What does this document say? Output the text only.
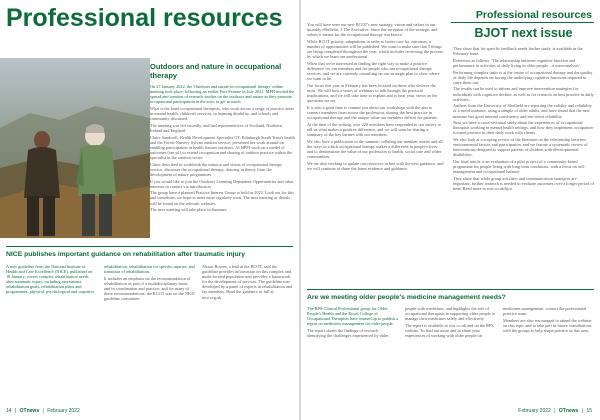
Professional resources
Outdoors and nature in occupational therapy

On 27 January 2022, the 'Outdoors and nature in occupational therapy' online meeting took place, following an earlier Fact Feature in July 2021. MPH invited the spread and creation of research studies on the outdoors and nature as they promote occupational participation in the area, to get in touch.

What is the bond occupational therapists, who work across a range of practice areas in mental health, children's services, in learning disability, and schools and community discussed.

The meeting was led virtually, and had representatives of Scotland, Northern Ireland and England.

Claire Sandwell, Health Development Specialist OT, Edinburgh South Trust's health and the Forest-Nursery Sylvan outdoor service, presented her work around on enabling participation in health lessons outdoors, AI HPPI work on a model of outcomes (see p1) to extend recognition and sharing of outdoor practice within the specialist in the outdoor sector.

Claire described in workbook the mission and vision of occupational therapy service, discusses the occupational therapy, drawing in theory from the development of nature programmes.

If you would like to join the Outdoors Learning Dependent Opportunities and other interests in contact via introduction.

The group have a planned Practice Interest Group to hold in 2022. Look out for this and contribute; we hope to meet more regularly soon. The next meeting or details will be found on the relevant websites.

The next meeting will take place in Summer.

NICE publishes important guidance on rehabilitation after traumatic injury

A new guideline from the National Institute of Health and Care Excellence (NICE), published on 18 January, covers complex rehabilitation needs after traumatic injury, including assessment, rehabilitation goals, rehabilitation plans and programmes, physical, psychological and cognitive rehabilitation, rehabilitation for specific injuries, and transition of rehabilitation.

It includes an emphasis on the recommendation of rehabilitation as part of a multidisciplinary team, and in coordination and practice, and for many of these recommendations, the RCOT was on the NICE guideline committee.

Alison Bowen, a lead at the RCOT, said the guideline provides information on this complex and multi-faceted population and provides a framework for the development of services. The guideline was developed by a panel of experts in rehabilitation and lay members. Read the guidance in full at nice.org.uk.

14 | OTnews | February 2022
Professional resources

You will have seen our new RCOT's new strategy, vision and values in our monthly eBulletin, 3 The Executive. Since the inception of the strategic and values it means for the occupational therapy workforce.

While RCOT priority, adaptations in order to better care for outcomes, a number of opportunities will be published. We want to make sure that 5 things are being completed throughout the year, which includes reviewing the process by which we learn our professional.

When that we're interested in finding the right way to make a positive difference for our members and for people who use occupational therapy services, and we are currently consulting on our strategic plan to show where we want to be.

Our focus this year in February has been focused on those who deserve the most. We will host a series of webinars to talk through the practical implications, and we will take time to explain and to hear your views on the questions we set.

It is also a good time to remind you about our workshops with the aim to connect members from across the profession, sharing the best practice in occupational therapy and the unique value our members deliver for patients.

At the time of the writing, over 220 members have responded to our survey to tell us what makes a positive difference, and we will soon be sharing a summary of the key themes with our members.

We also have a publication in the summer, collating our member stories and all the ways in which occupational therapy makes a difference in people's lives, and to demonstrate the value of our profession to health, social care and wider communities.

We are also working to update our resources in line with the new guidance, and we will continue to share the latest evidence and guidance.

BJOT next issue

They show that for specific feedback needs further study, is available in the February issue.

Reference as follows: 'The relationship between cognitive function and performance in activities of daily living in older people – a meta-analysis'.

Performing complex tasks is at the centre of occupational therapy and the quality of daily life depends on having the underlying cognitive functions required to carry them out.

The results can be used to inform and improve intervention strategies for individuals with cognitive decline, as well as for research on best practice in daily activities.

Authors from the University of Sheffield are reporting the validity and reliability of a novel measure, using a sample of older adults, and have found that the new measure has good internal consistency and test-retest reliability.

Next we have a cross-sectional study about the experiences of occupational therapists working in mental health settings, and how they implement occupation-focused practice in their daily work with clients.

We also look at a scoping review of the literature on the relationship between environmental factors and participation, and we feature a systematic review of interventions designed to support parents of children with developmental disabilities.

Our final article is an evaluation of a pilot project of a community-based programme for people living with long-term conditions, with a focus on self-management and occupational balance.

They show that while group activities and communication strategies are important, further research is needed to evaluate outcomes over a longer period of time. Read more at rcot.co.uk/bjot.

Are we meeting older people's medicine management needs?

The RPS Clinical Professional group for Older People's Health and the Royal College of Occupational Therapists have teamed up to publish a report on medicines management for older people.

The report shares the findings of research identifying the challenges experienced by older people with medicines, and highlights the role of occupational therapists in supporting older people to manage their medicines safely and effectively.

The report is available at rcot.co.uk and on the RPS website. To find out more and to share your experiences of working with older people on medicines management, contact the professional practice team.

Members are also encouraged to attend the webinar on this topic and to take part in future consultations with the groups to help shape practice in this area.

February 2022 | OTnews | 15
